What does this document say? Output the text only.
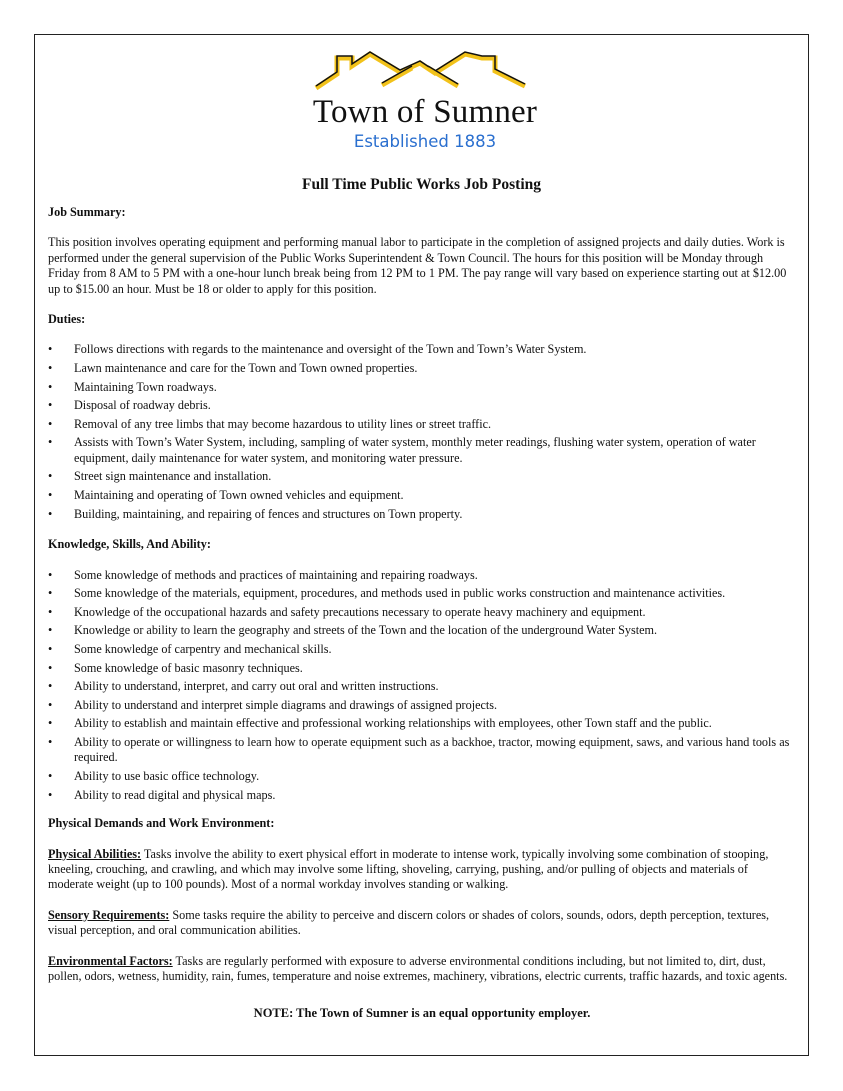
Town of Sumner
Established 1883
Full Time Public Works Job Posting

Job Summary:

This position involves operating equipment and performing manual labor to participate in the completion of assigned projects and daily duties. Work is performed under the general supervision of the Public Works Superintendent & Town Council. The hours for this position will be Monday through Friday from 8 AM to 5 PM with a one-hour lunch break being from 12 PM to 1 PM. The pay range will vary based on experience starting out at $12.00 up to $15.00 an hour. Must be 18 or older to apply for this position.

Duties:

• Follows directions with regards to the maintenance and oversight of the Town and Town’s Water System.
• Lawn maintenance and care for the Town and Town owned properties.
• Maintaining Town roadways.
• Disposal of roadway debris.
• Removal of any tree limbs that may become hazardous to utility lines or street traffic.
• Assists with Town’s Water System, including, sampling of water system, monthly meter readings, flushing water system, operation of water equipment, daily maintenance for water system, and monitoring water pressure.
• Street sign maintenance and installation.
• Maintaining and operating of Town owned vehicles and equipment.
• Building, maintaining, and repairing of fences and structures on Town property.

Knowledge, Skills, And Ability:

• Some knowledge of methods and practices of maintaining and repairing roadways.
• Some knowledge of the materials, equipment, procedures, and methods used in public works construction and maintenance activities.
• Knowledge of the occupational hazards and safety precautions necessary to operate heavy machinery and equipment.
• Knowledge or ability to learn the geography and streets of the Town and the location of the underground Water System.
• Some knowledge of carpentry and mechanical skills.
• Some knowledge of basic masonry techniques.
• Ability to understand, interpret, and carry out oral and written instructions.
• Ability to understand and interpret simple diagrams and drawings of assigned projects.
• Ability to establish and maintain effective and professional working relationships with employees, other Town staff and the public.
• Ability to operate or willingness to learn how to operate equipment such as a backhoe, tractor, mowing equipment, saws, and various hand tools as required.
• Ability to use basic office technology.
• Ability to read digital and physical maps.

Physical Demands and Work Environment:

Physical Abilities: Tasks involve the ability to exert physical effort in moderate to intense work, typically involving some combination of stooping, kneeling, crouching, and crawling, and which may involve some lifting, shoveling, carrying, pushing, and/or pulling of objects and materials of moderate weight (up to 100 pounds). Most of a normal workday involves standing or walking.

Sensory Requirements: Some tasks require the ability to perceive and discern colors or shades of colors, sounds, odors, depth perception, textures, visual perception, and oral communication abilities.

Environmental Factors: Tasks are regularly performed with exposure to adverse environmental conditions including, but not limited to, dirt, dust, pollen, odors, wetness, humidity, rain, fumes, temperature and noise extremes, machinery, vibrations, electric currents, traffic hazards, and toxic agents.

NOTE: The Town of Sumner is an equal opportunity employer.
